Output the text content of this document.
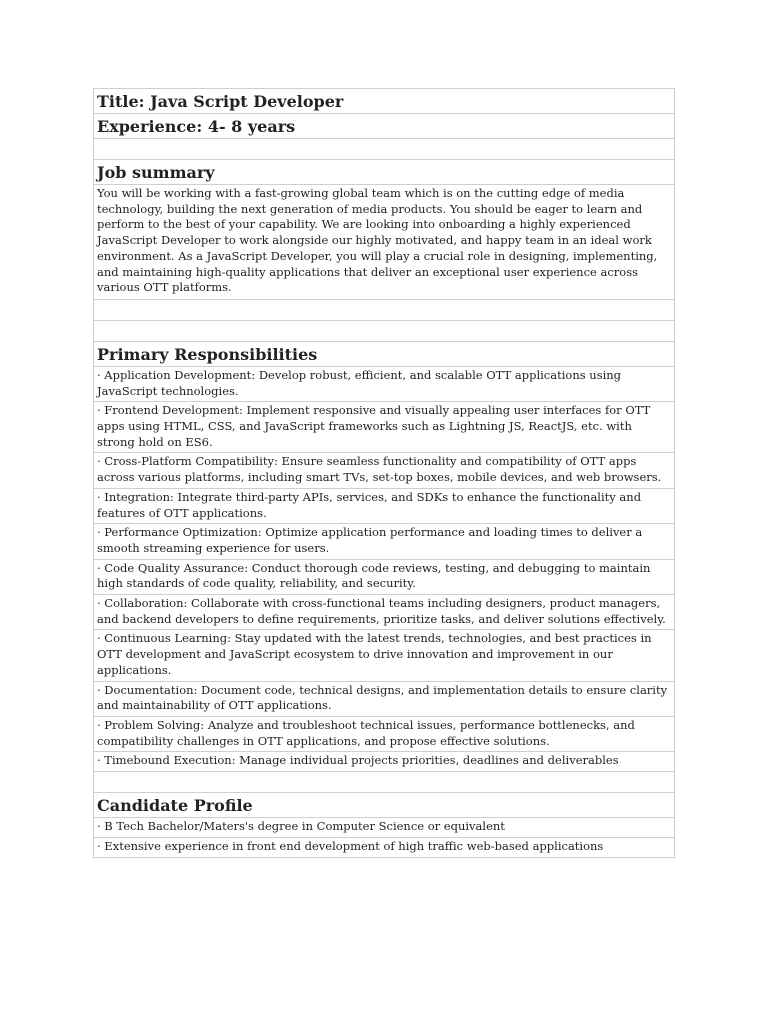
Title: Java Script Developer
Experience: 4- 8 years

Job summary
You will be working with a fast-growing global team which is on the cutting edge of media technology, building the next generation of media products. You should be eager to learn and perform to the best of your capability. We are looking into onboarding a highly experienced JavaScript Developer to work alongside our highly motivated, and happy team in an ideal work environment. As a JavaScript Developer, you will play a crucial role in designing, implementing, and maintaining high-quality applications that deliver an exceptional user experience across various OTT platforms.

Primary Responsibilities
· Application Development: Develop robust, efficient, and scalable OTT applications using JavaScript technologies.
· Frontend Development: Implement responsive and visually appealing user interfaces for OTT apps using HTML, CSS, and JavaScript frameworks such as Lightning JS, ReactJS, etc. with strong hold on ES6.
· Cross-Platform Compatibility: Ensure seamless functionality and compatibility of OTT apps across various platforms, including smart TVs, set-top boxes, mobile devices, and web browsers.
· Integration: Integrate third-party APIs, services, and SDKs to enhance the functionality and features of OTT applications.
· Performance Optimization: Optimize application performance and loading times to deliver a smooth streaming experience for users.
· Code Quality Assurance: Conduct thorough code reviews, testing, and debugging to maintain high standards of code quality, reliability, and security.
· Collaboration: Collaborate with cross-functional teams including designers, product managers, and backend developers to define requirements, prioritize tasks, and deliver solutions effectively.
· Continuous Learning: Stay updated with the latest trends, technologies, and best practices in OTT development and JavaScript ecosystem to drive innovation and improvement in our applications.
· Documentation: Document code, technical designs, and implementation details to ensure clarity and maintainability of OTT applications.
· Problem Solving: Analyze and troubleshoot technical issues, performance bottlenecks, and compatibility challenges in OTT applications, and propose effective solutions.
· Timebound Execution: Manage individual projects priorities, deadlines and deliverables

Candidate Profile
· B Tech Bachelor/Maters's degree in Computer Science or equivalent
· Extensive experience in front end development of high traffic web-based applications
